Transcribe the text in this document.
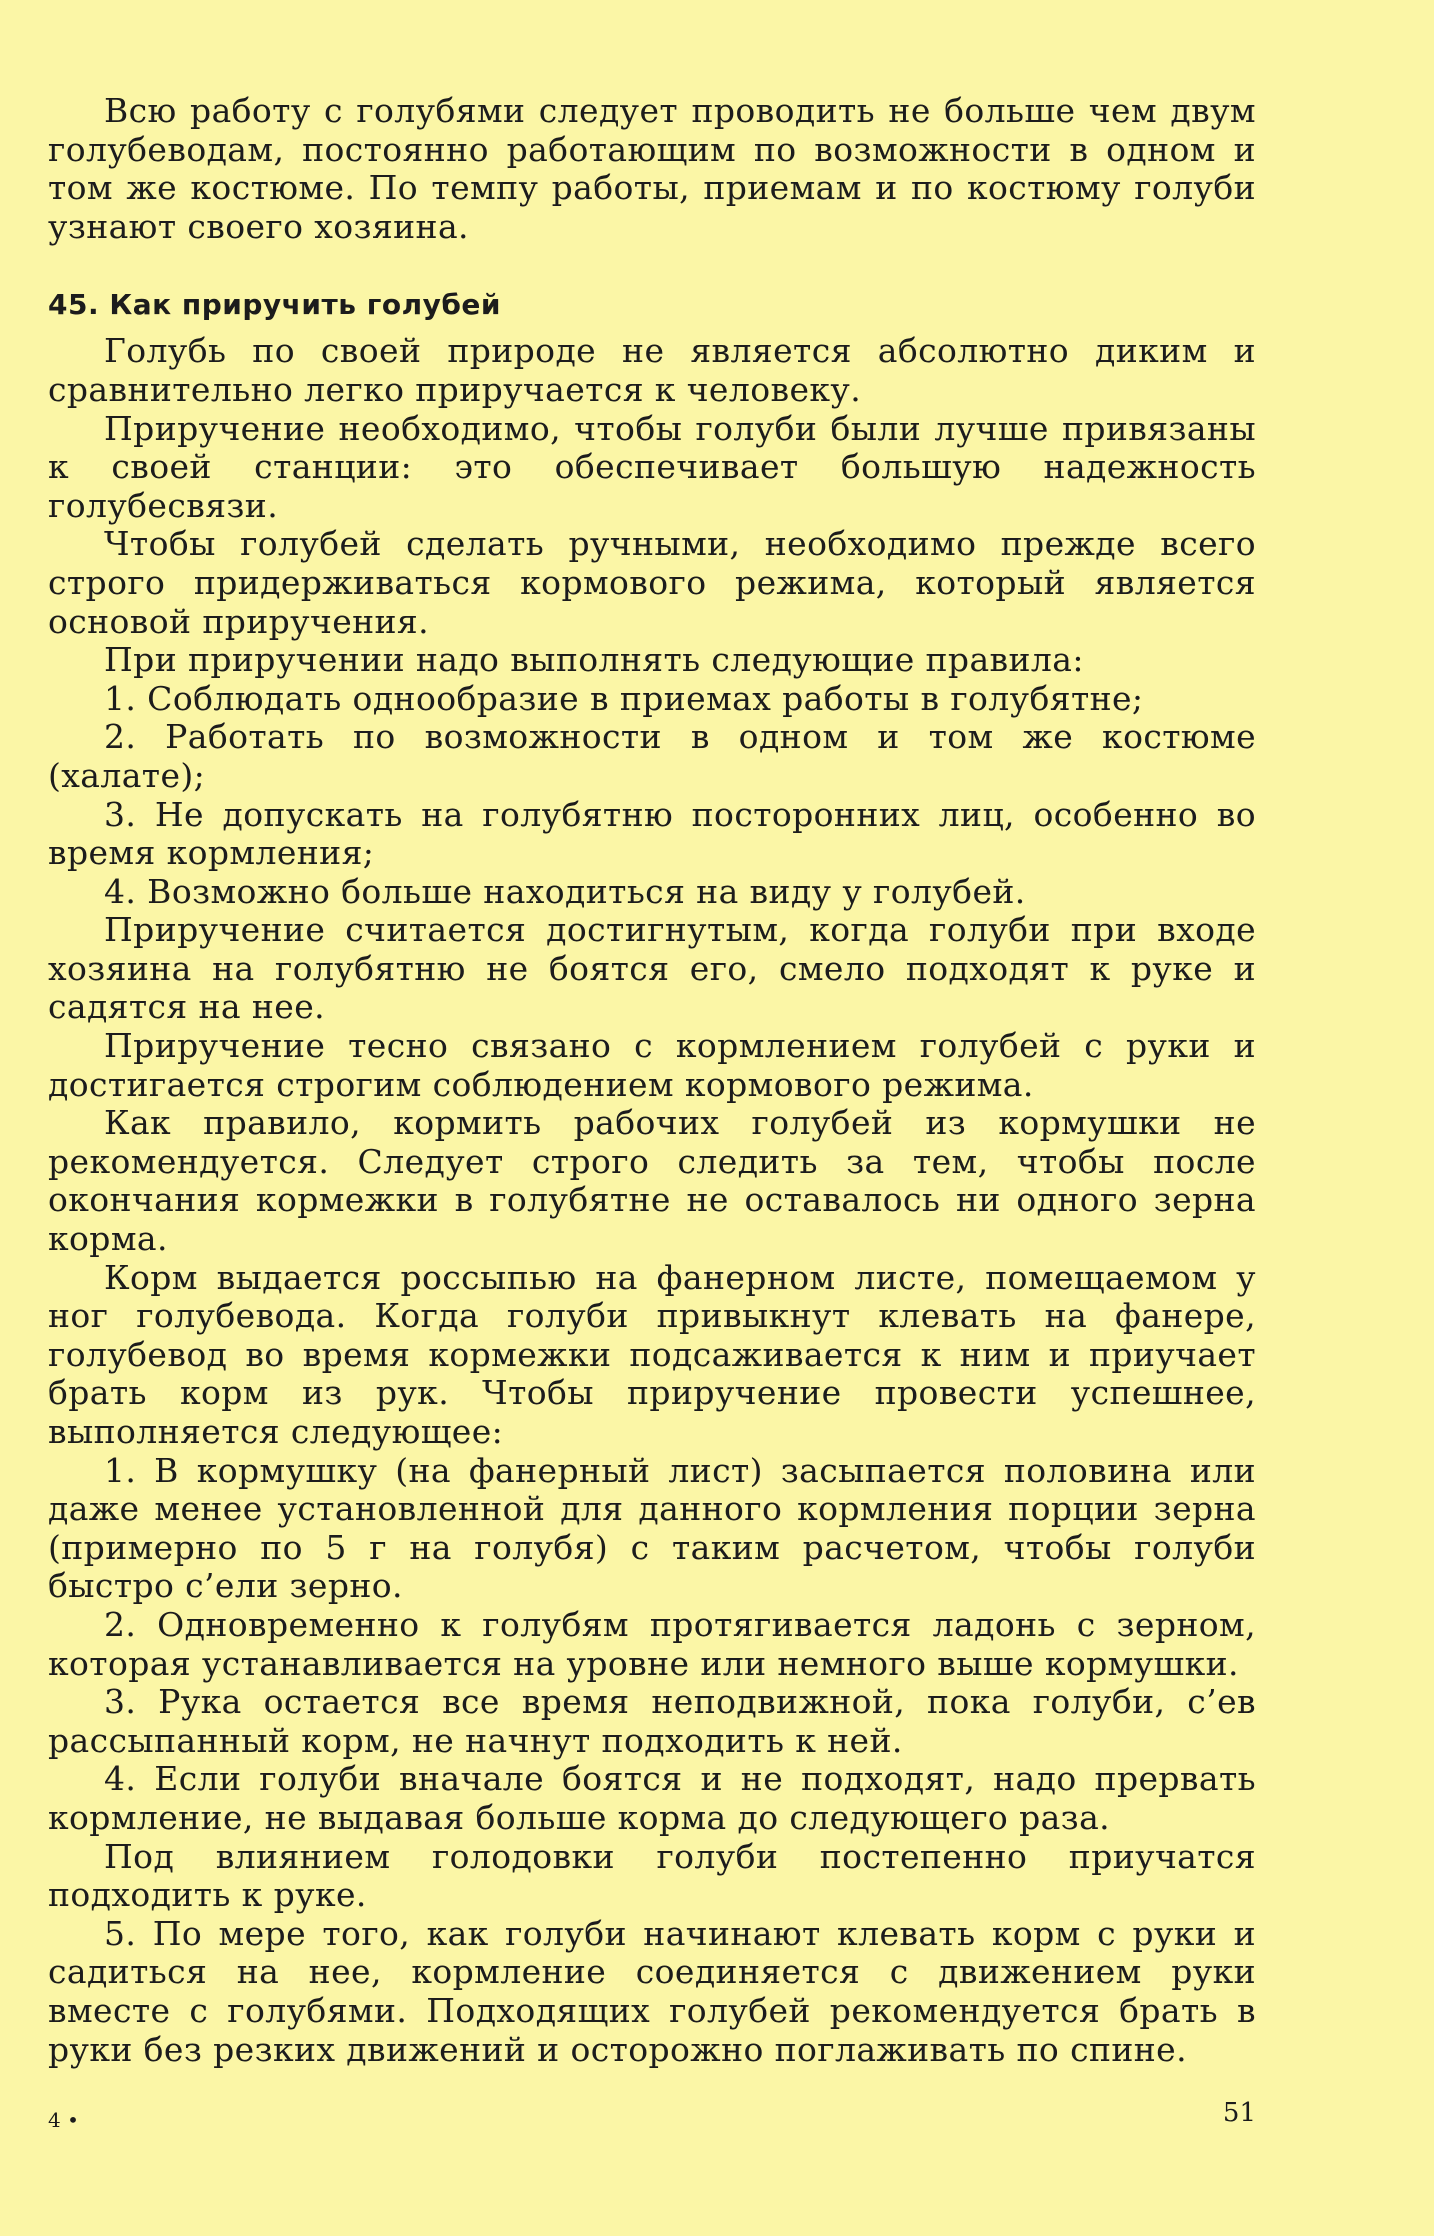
Всю работу с голубями следует проводить не больше чем двум голубеводам, постоянно работающим по возможности в одном и том же костюме. По темпу работы, приемам и по костюму голуби узнают своего хозяина.

45. Как приручить голубей

Голубь по своей природе не является абсолютно диким и сравнительно легко приручается к человеку.

Приручение необходимо, чтобы голуби были лучше привязаны к своей станции: это обеспечивает большую надежность голубесвязи.

Чтобы голубей сделать ручными, необходимо прежде всего строго придерживаться кормового режима, который является основой приручения.

При приручении надо выполнять следующие правила:

1. Соблюдать однообразие в приемах работы в голубятне;

2. Работать по возможности в одном и том же костюме (халате);

3. Не допускать на голубятню посторонних лиц, особенно во время кормления;

4. Возможно больше находиться на виду у голубей.

Приручение считается достигнутым, когда голуби при входе хозяина на голубятню не боятся его, смело подходят к руке и садятся на нее.

Приручение тесно связано с кормлением голубей с руки и достигается строгим соблюдением кормового режима.

Как правило, кормить рабочих голубей из кормушки не рекомендуется. Следует строго следить за тем, чтобы после окончания кормежки в голубятне не оставалось ни одного зерна корма.

Корм выдается россыпью на фанерном листе, помещаемом у ног голубевода. Когда голуби привыкнут клевать на фанере, голубевод во время кормежки подсаживается к ним и приучает брать корм из рук. Чтобы приручение провести успешнее, выполняется следующее:

1. В кормушку (на фанерный лист) засыпается половина или даже менее установленной для данного кормления порции зерна (примерно по 5 г на голубя) с таким расчетом, чтобы голуби быстро с’ели зерно.

2. Одновременно к голубям протягивается ладонь с зерном, которая устанавливается на уровне или немного выше кормушки.

3. Рука остается все время неподвижной, пока голуби, с’ев рассыпанный корм, не начнут подходить к ней.

4. Если голуби вначале боятся и не подходят, надо прервать кормление, не выдавая больше корма до следующего раза.

Под влиянием голодовки голуби постепенно приучатся подходить к руке.

5. По мере того, как голуби начинают клевать корм с руки и садиться на нее, кормление соединяется с движением руки вместе с голубями. Подходящих голубей рекомендуется брать в руки без резких движений и осторожно поглаживать по спине.

4 •	51
